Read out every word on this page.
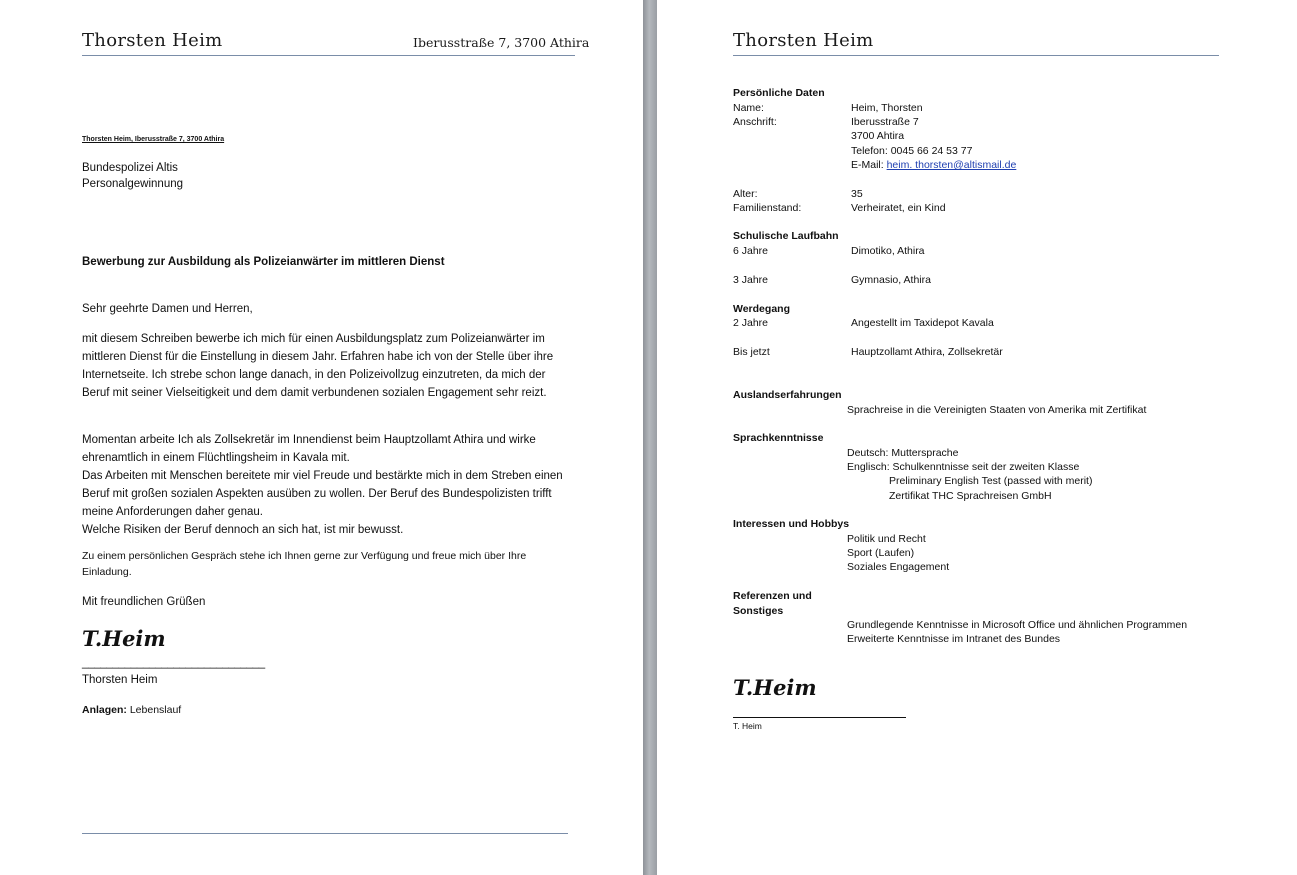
Thorsten Heim	Iberusstraße 7, 3700 Athira
Thorsten Heim, Iberusstraße 7, 3700 Athira
Bundespolizei Altis
Personalgewinnung
Bewerbung zur Ausbildung als Polizeianwärter im mittleren Dienst
Sehr geehrte Damen und Herren,
mit diesem Schreiben bewerbe ich mich für einen Ausbildungsplatz zum Polizeianwärter im mittleren Dienst für die Einstellung in diesem Jahr. Erfahren habe ich von der Stelle über ihre Internetseite. Ich strebe schon lange danach, in den Polizeivollzug einzutreten, da mich der Beruf mit seiner Vielseitigkeit und dem damit verbundenen sozialen Engagement sehr reizt.
Momentan arbeite Ich als Zollsekretär im Innendienst beim Hauptzollamt Athira und wirke ehrenamtlich in einem Flüchtlingsheim in Kavala mit.
Das Arbeiten mit Menschen bereitete mir viel Freude und bestärkte mich in dem Streben einen Beruf mit großen sozialen Aspekten ausüben zu wollen. Der Beruf des Bundespolizisten trifft meine Anforderungen daher genau.
Welche Risiken der Beruf dennoch an sich hat, ist mir bewusst.
Zu einem persönlichen Gespräch stehe ich Ihnen gerne zur Verfügung und freue mich über Ihre Einladung.
Mit freundlichen Grüßen
T.Heim
______________________________
Thorsten Heim
Anlagen: Lebenslauf
Thorsten Heim
Persönliche Daten
Name:	Heim, Thorsten
Anschrift:	Iberusstraße 7
3700 Ahtira
Telefon: 0045 66 24 53 77
E-Mail: heim. thorsten@altismail.de
Alter:	35
Familienstand:	Verheiratet, ein Kind
Schulische Laufbahn
6 Jahre	Dimotiko, Athira
3 Jahre	Gymnasio, Athira
Werdegang
2 Jahre	Angestellt im Taxidepot Kavala
Bis jetzt	Hauptzollamt Athira, Zollsekretär
Auslandserfahrungen
Sprachreise in die Vereinigten Staaten von Amerika mit Zertifikat
Sprachkenntnisse
Deutsch: Muttersprache
Englisch: Schulkenntnisse seit der zweiten Klasse
Preliminary English Test (passed with merit)
Zertifikat THC Sprachreisen GmbH
Interessen und Hobbys
Politik und Recht
Sport (Laufen)
Soziales Engagement
Referenzen und
Sonstiges
Grundlegende Kenntnisse in Microsoft Office und ähnlichen Programmen
Erweiterte Kenntnisse im Intranet des Bundes
T.Heim
T. Heim
